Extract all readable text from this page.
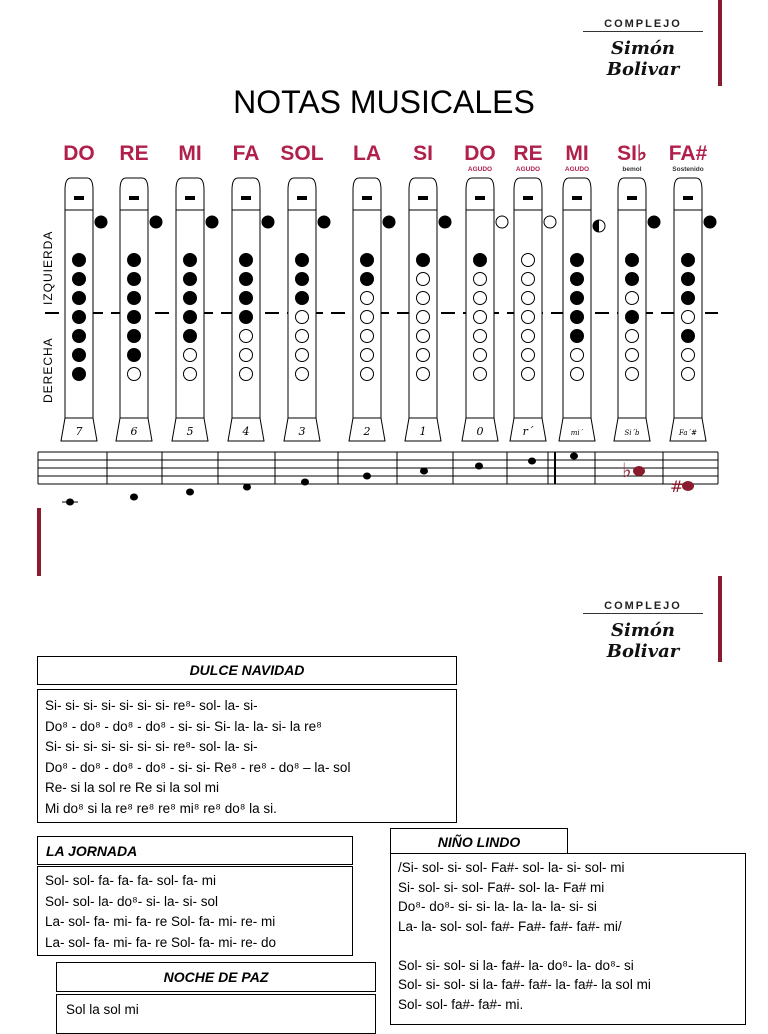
COMPLEJO
Simón Bolivar
NOTAS MUSICALES
IZQUIERDA
DERECHA
DO
7
RE
6
MI
5
FA
4
SOL
3
LA
2
SI
1
DO
AGUDO
0
RE
AGUDO
r´
MI
AGUDO
mi´
SI♭
bemol
Si´b
FA#
Sostenido
Fa´#
♭
#
COMPLEJO
Simón Bolivar
DULCE NAVIDAD
Si- si- si- si- si- si- si- re⁸- sol- la- si-
Do⁸ - do⁸ - do⁸ - do⁸ - si- si- Si- la- la- si- la re⁸
Si- si- si- si- si- si- si- re⁸- sol- la- si-
Do⁸ - do⁸ - do⁸ - do⁸ - si- si- Re⁸ - re⁸ - do⁸ – la- sol
Re- si la sol re Re si la sol mi
Mi do⁸ si la re⁸ re⁸ re⁸ mi⁸ re⁸ do⁸ la si.
LA JORNADA
Sol- sol- fa- fa- fa- sol- fa- mi
Sol- sol- la- do⁸- si- la- si- sol
La- sol- fa- mi- fa- re Sol- fa- mi- re- mi
La- sol- fa- mi- fa- re Sol- fa- mi- re- do
NOCHE DE PAZ
Sol la sol mi
NIÑO LINDO
/Si- sol- si- sol- Fa#- sol- la- si- sol- mi
Si- sol- si- sol- Fa#- sol- la- Fa# mi
Do⁸- do⁸- si- si- la- la- la- la- si- si
La- la- sol- sol- fa#- Fa#- fa#- fa#- mi/
Sol- si- sol- si la- fa#- la- do⁸- la- do⁸- si
Sol- si- sol- si la- fa#- fa#- la- fa#- la sol mi
Sol- sol- fa#- fa#- mi.
